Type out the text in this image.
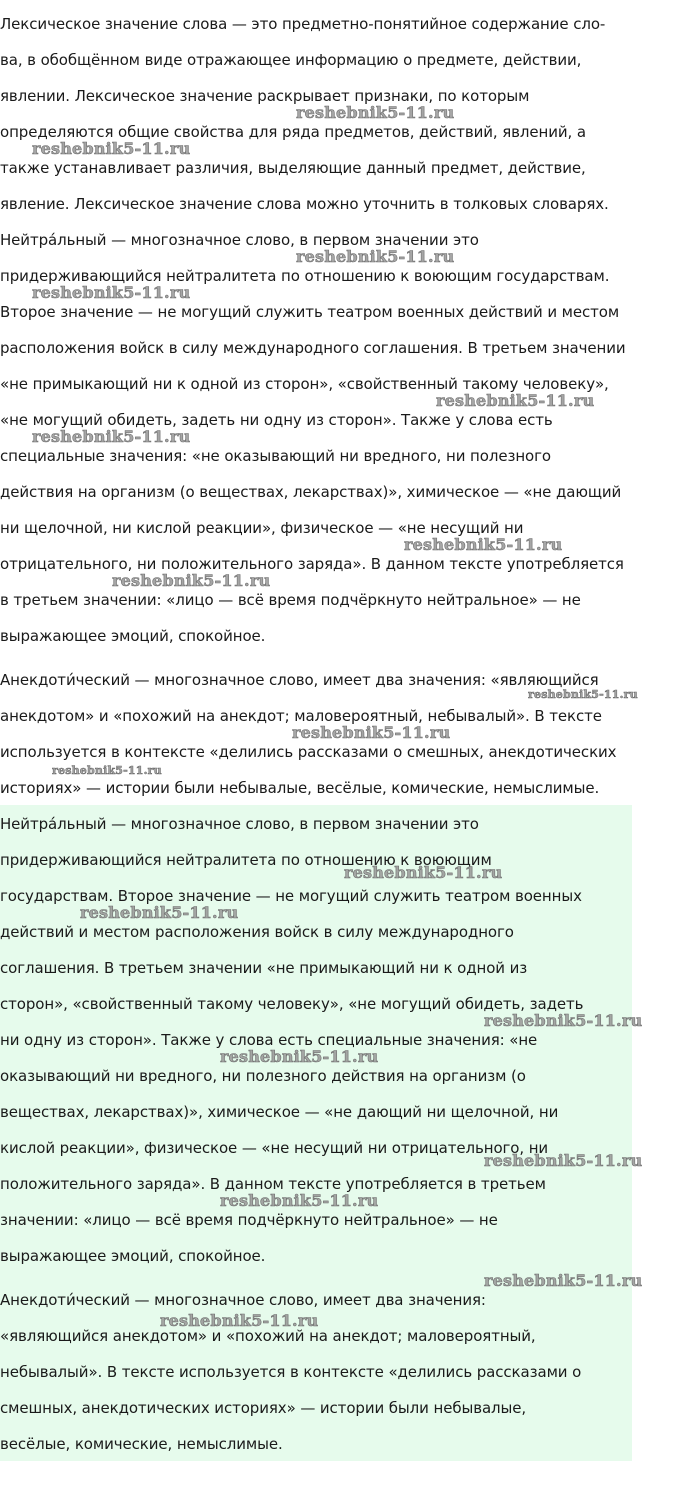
Лексическое значение слова — это предметно-понятийное содержание сло-
ва, в обобщённом виде отражающее информацию о предмете, действии,
явлении. Лексическое значение раскрывает признаки, по которым
определяются общие свойства для ряда предметов, действий, явлений, а
также устанавливает различия, выделяющие данный предмет, действие,
явление. Лексическое значение слова можно уточнить в толковых словарях.
Нейтра́льный — многозначное слово, в первом значении это
придерживающийся нейтралитета по отношению к воюющим государствам.
Второе значение — не могущий служить театром военных действий и местом
расположения войск в силу международного соглашения. В третьем значении
«не примыкающий ни к одной из сторон», «свойственный такому человеку»,
«не могущий обидеть, задеть ни одну из сторон». Также у слова есть
специальные значения: «не оказывающий ни вредного, ни полезного
действия на организм (о веществах, лекарствах)», химическое — «не дающий
ни щелочной, ни кислой реакции», физическое — «не несущий ни
отрицательного, ни положительного заряда». В данном тексте употребляется
в третьем значении: «лицо — всё время подчёркнуто нейтральное» — не
выражающее эмоций, спокойное.
Анекдоти́ческий — многозначное слово, имеет два значения: «являющийся
анекдотом» и «похожий на анекдот; маловероятный, небывалый». В тексте
используется в контексте «делились рассказами о смешных, анекдотических
историях» — истории были небывалые, весёлые, комические, немыслимые.
Нейтра́льный — многозначное слово, в первом значении это
придерживающийся нейтралитета по отношению к воюющим
государствам. Второе значение — не могущий служить театром военных
действий и местом расположения войск в силу международного
соглашения. В третьем значении «не примыкающий ни к одной из
сторон», «свойственный такому человеку», «не могущий обидеть, задеть
ни одну из сторон». Также у слова есть специальные значения: «не
оказывающий ни вредного, ни полезного действия на организм (о
веществах, лекарствах)», химическое — «не дающий ни щелочной, ни
кислой реакции», физическое — «не несущий ни отрицательного, ни
положительного заряда». В данном тексте употребляется в третьем
значении: «лицо — всё время подчёркнуто нейтральное» — не
выражающее эмоций, спокойное.
Анекдоти́ческий — многозначное слово, имеет два значения:
«являющийся анекдотом» и «похожий на анекдот; маловероятный,
небывалый». В тексте используется в контексте «делились рассказами о
смешных, анекдотических историях» — истории были небывалые,
весёлые, комические, немыслимые.
reshebnik5-11.ru
reshebnik5-11.ru
reshebnik5-11.ru
reshebnik5-11.ru
reshebnik5-11.ru
reshebnik5-11.ru
reshebnik5-11.ru
reshebnik5-11.ru
reshebnik5-11.ru
reshebnik5-11.ru
reshebnik5-11.ru
reshebnik5-11.ru
reshebnik5-11.ru
reshebnik5-11.ru
reshebnik5-11.ru
reshebnik5-11.ru
reshebnik5-11.ru
reshebnik5-11.ru
reshebnik5-11.ru
